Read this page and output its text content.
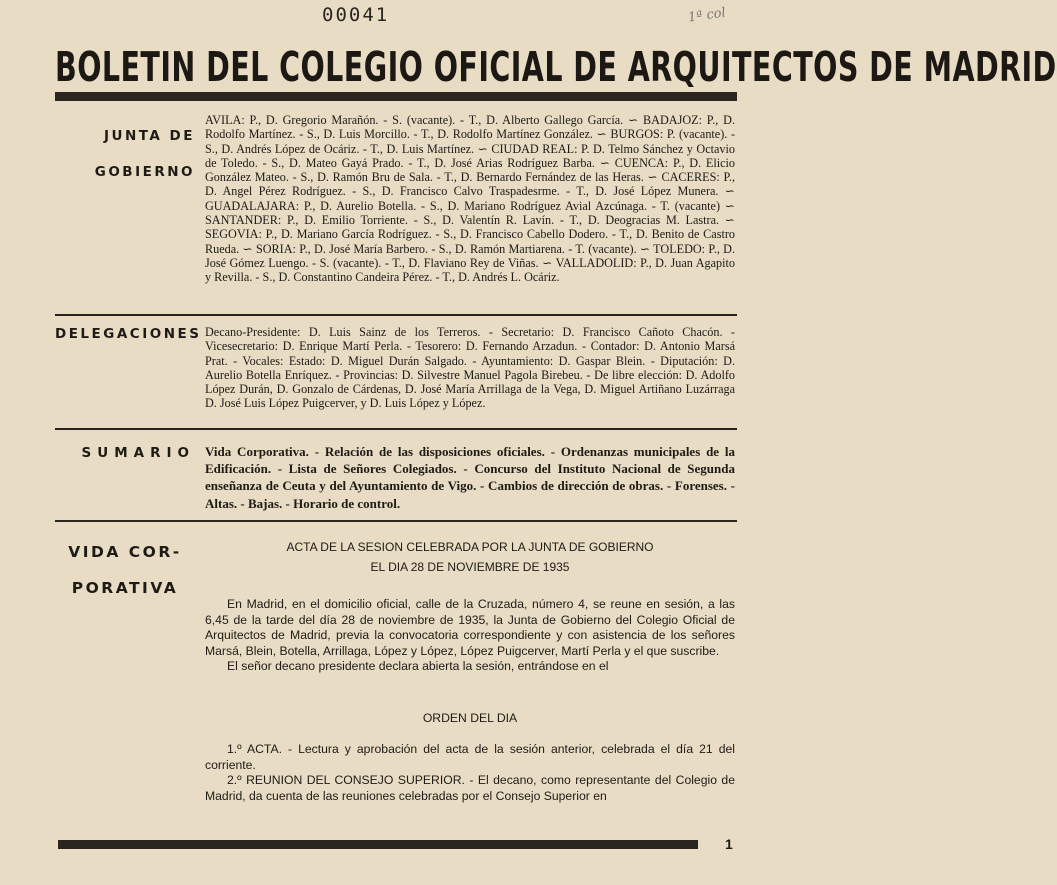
00041	1ª col
BOLETIN DEL COLEGIO OFICIAL DE ARQUITECTOS DE MADRID
JUNTA DE
GOBIERNO
AVILA: P., D. Gregorio Marañón. - S. (vacante). - T., D. Alberto Gallego García. ∽ BADAJOZ: P., D. Rodolfo Martínez. - S., D. Luis Morcillo. - T., D. Rodolfo Martínez González. ∽ BURGOS: P. (vacante). - S., D. Andrés López de Ocáriz. - T., D. Luis Martínez. ∽ CIUDAD REAL: P. D. Telmo Sánchez y Octavio de Toledo. - S., D. Mateo Gayá Prado. - T., D. José Arias Rodríguez Barba. ∽ CUENCA: P., D. Elicio González Mateo. - S., D. Ramón Bru de Sala. - T., D. Bernardo Fernández de las Heras. ∽ CACERES: P., D. Angel Pérez Rodríguez. - S., D. Francisco Calvo Traspadesrme. - T., D. José López Munera. ∽ GUADALAJARA: P., D. Aurelio Botella. - S., D. Mariano Rodríguez Avial Azcúnaga. - T. (vacante) ∽ SANTANDER: P., D. Emilio Torriente. - S., D. Valentín R. Lavín. - T., D. Deogracias M. Lastra. ∽ SEGOVIA: P., D. Mariano García Rodríguez. - S., D. Francisco Cabello Dodero. - T., D. Benito de Castro Rueda. ∽ SORIA: P., D. José María Barbero. - S., D. Ramón Martiarena. - T. (vacante). ∽ TOLEDO: P., D. José Gómez Luengo. - S. (vacante). - T., D. Flaviano Rey de Viñas. ∽ VALLADOLID: P., D. Juan Agapito y Revilla. - S., D. Constantino Candeira Pérez. - T., D. Andrés L. Ocáriz.
DELEGACIONES Decano-Presidente: D. Luis Sainz de los Terreros. - Secretario: D. Francisco Cañoto Chacón. - Vicesecretario: D. Enrique Martí Perla. - Tesorero: D. Fernando Arzadun. - Contador: D. Antonio Marsá Prat. - Vocales: Estado: D. Miguel Durán Salgado. - Ayuntamiento: D. Gaspar Blein. - Diputación: D. Aurelio Botella Enríquez. - Provincias: D. Silvestre Manuel Pagola Birebeu. - De libre elección: D. Adolfo López Durán, D. Gonzalo de Cárdenas, D. José María Arrillaga de la Vega, D. Miguel Artiñano Luzárraga D. José Luis López Puigcerver, y D. Luis López y López.
SUMARIO Vida Corporativa. - Relación de las disposiciones oficiales. - Ordenanzas municipales de la Edificación. - Lista de Señores Colegiados. - Concurso del Instituto Nacional de Segunda enseñanza de Ceuta y del Ayuntamiento de Vigo. - Cambios de dirección de obras. - Forenses. - Altas. - Bajas. - Horario de control.
VIDA COR-
PORATIVA
ACTA DE LA SESION CELEBRADA POR LA JUNTA DE GOBIERNO
EL DIA 28 DE NOVIEMBRE DE 1935

En Madrid, en el domicilio oficial, calle de la Cruzada, número 4, se reune en sesión, a las 6,45 de la tarde del día 28 de noviembre de 1935, la Junta de Gobierno del Colegio Oficial de Arquitectos de Madrid, previa la convocatoria correspondiente y con asistencia de los señores Marsá, Blein, Botella, Arrillaga, López y López, López Puigcerver, Martí Perla y el que suscribe.

El señor decano presidente declara abierta la sesión, entrándose en el

ORDEN DEL DIA

1.º ACTA. - Lectura y aprobación del acta de la sesión anterior, celebrada el día 21 del corriente.

2.º REUNION DEL CONSEJO SUPERIOR. - El decano, como representante del Colegio de Madrid, da cuenta de las reuniones celebradas por el Consejo Superior en

1
